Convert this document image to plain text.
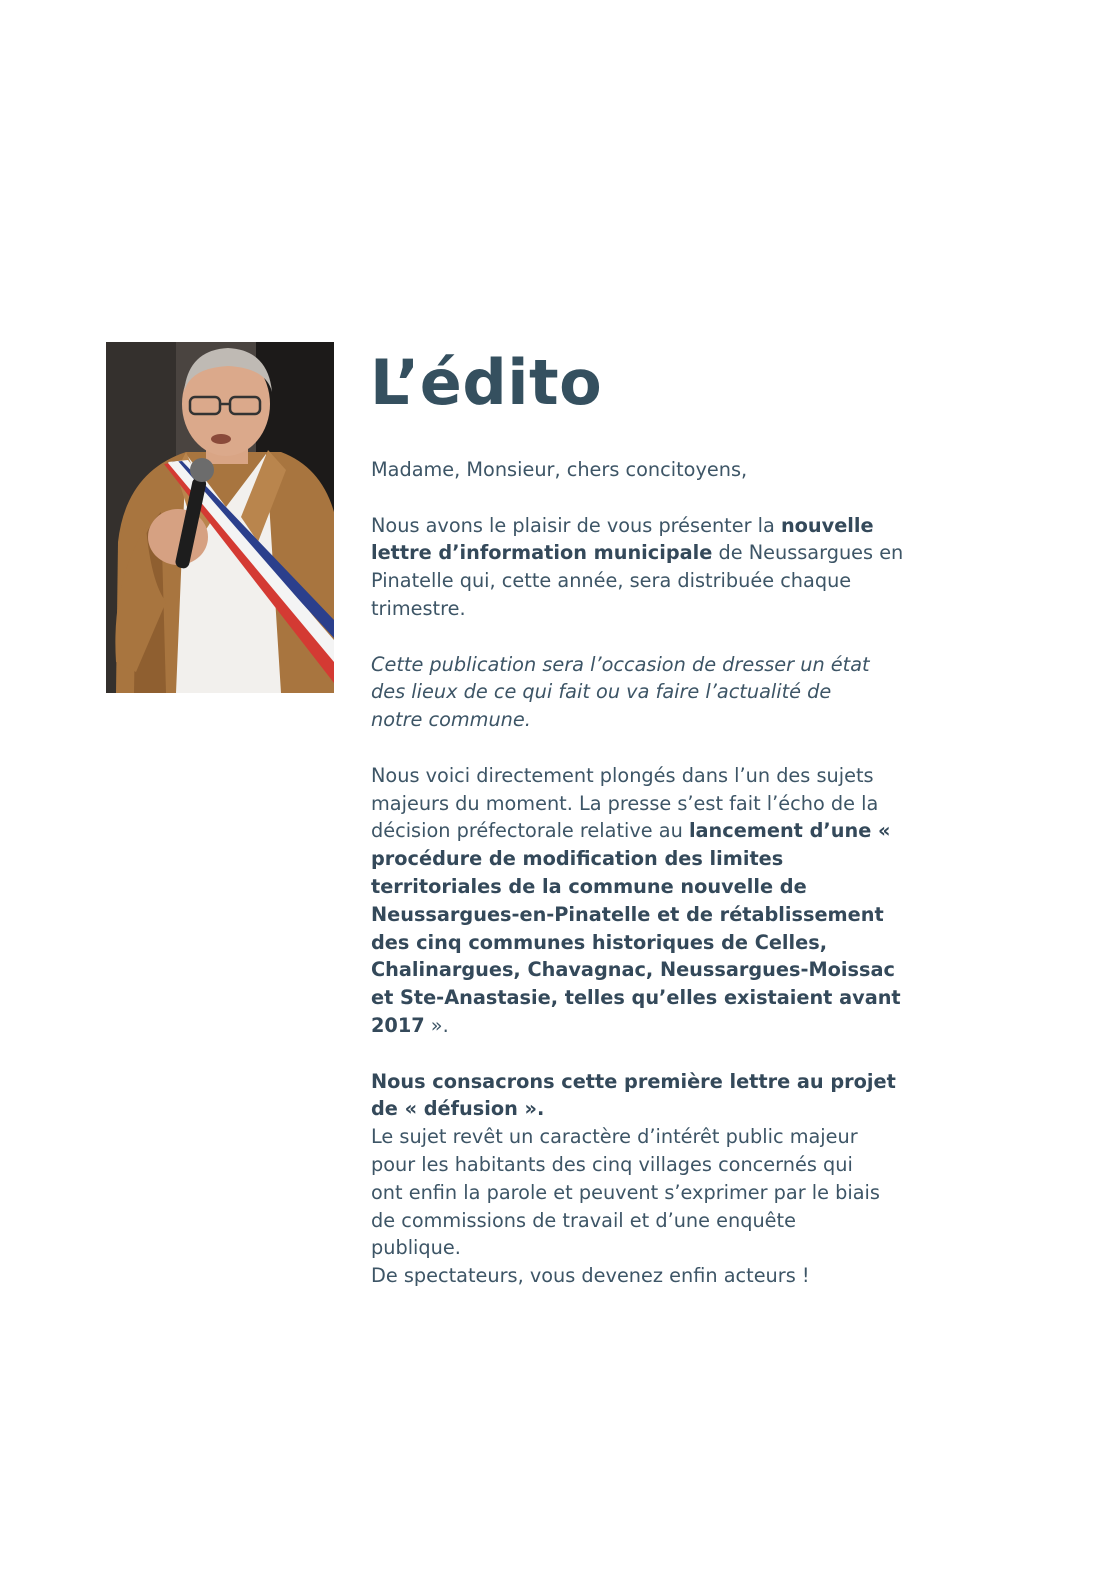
L’édito

Madame, Monsieur, chers concitoyens,

Nous avons le plaisir de vous présenter la nouvelle
lettre d’information municipale de Neussargues en
Pinatelle qui, cette année, sera distribuée chaque
trimestre.

Cette publication sera l’occasion de dresser un état
des lieux de ce qui fait ou va faire l’actualité de
notre commune.

Nous voici directement plongés dans l’un des sujets
majeurs du moment. La presse s’est fait l’écho de la
décision préfectorale relative au lancement d’une «
procédure de modification des limites
territoriales de la commune nouvelle de
Neussargues-en-Pinatelle et de rétablissement
des cinq communes historiques de Celles,
Chalinargues, Chavagnac, Neussargues-Moissac
et Ste-Anastasie, telles qu’elles existaient avant
2017 ».

Nous consacrons cette première lettre au projet
de « défusion ».
Le sujet revêt un caractère d’intérêt public majeur
pour les habitants des cinq villages concernés qui
ont enfin la parole et peuvent s’exprimer par le biais
de commissions de travail et d’une enquête
publique.
De spectateurs, vous devenez enfin acteurs !
